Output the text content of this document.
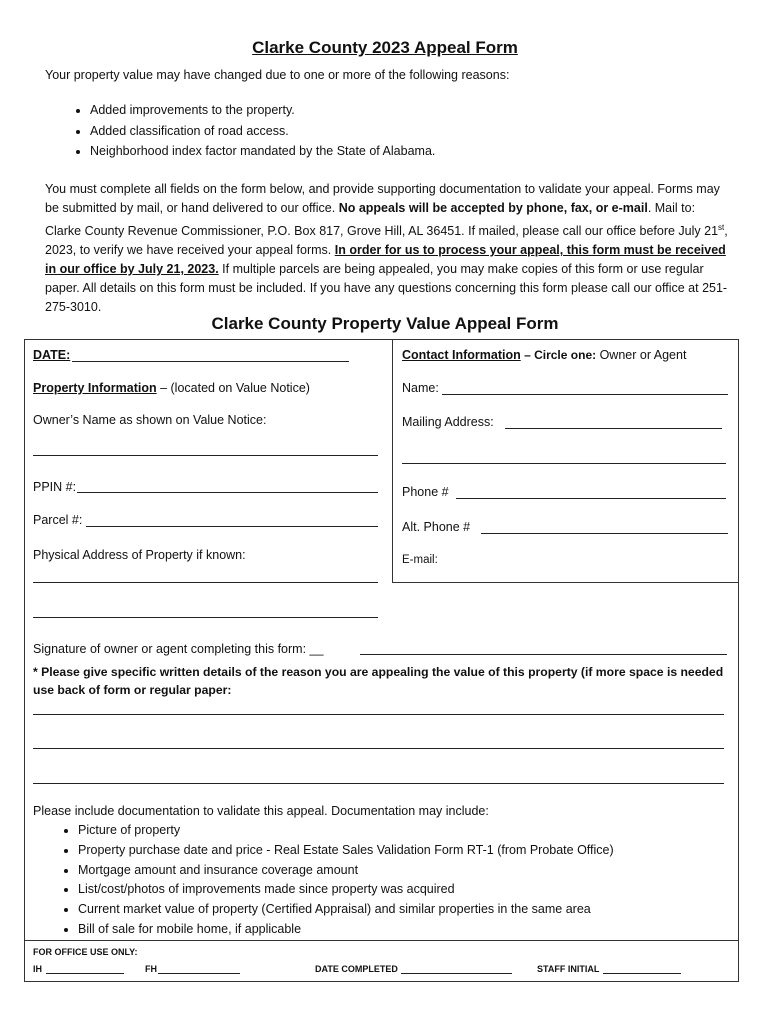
Clarke County 2023 Appeal Form
Your property value may have changed due to one or more of the following reasons:
• Added improvements to the property.
• Added classification of road access.
• Neighborhood index factor mandated by the State of Alabama.
You must complete all fields on the form below, and provide supporting documentation to validate your appeal. Forms may be submitted by mail, or hand delivered to our office. No appeals will be accepted by phone, fax, or e-mail. Mail to: Clarke County Revenue Commissioner, P.O. Box 817, Grove Hill, AL 36451. If mailed, please call our office before July 21st, 2023, to verify we have received your appeal forms. In order for us to process your appeal, this form must be received in our office by July 21, 2023. If multiple parcels are being appealed, you may make copies of this form or use regular paper. All details on this form must be included. If you have any questions concerning this form please call our office at 251-275-3010.
Clarke County Property Value Appeal Form
DATE:
Property Information – (located on Value Notice)
Owner’s Name as shown on Value Notice:
PPIN #:
Parcel #:
Physical Address of Property if known:
Contact Information – Circle one: Owner or Agent
Name:
Mailing Address:
Phone #
Alt. Phone #
E-mail:
Signature of owner or agent completing this form: __
* Please give specific written details of the reason you are appealing the value of this property (if more space is needed use back of form or regular paper:
Please include documentation to validate this appeal. Documentation may include:
• Picture of property
• Property purchase date and price - Real Estate Sales Validation Form RT-1 (from Probate Office)
• Mortgage amount and insurance coverage amount
• List/cost/photos of improvements made since property was acquired
• Current market value of property (Certified Appraisal) and similar properties in the same area
• Bill of sale for mobile home, if applicable
FOR OFFICE USE ONLY:
IH	FH	DATE COMPLETED	STAFF INITIAL
